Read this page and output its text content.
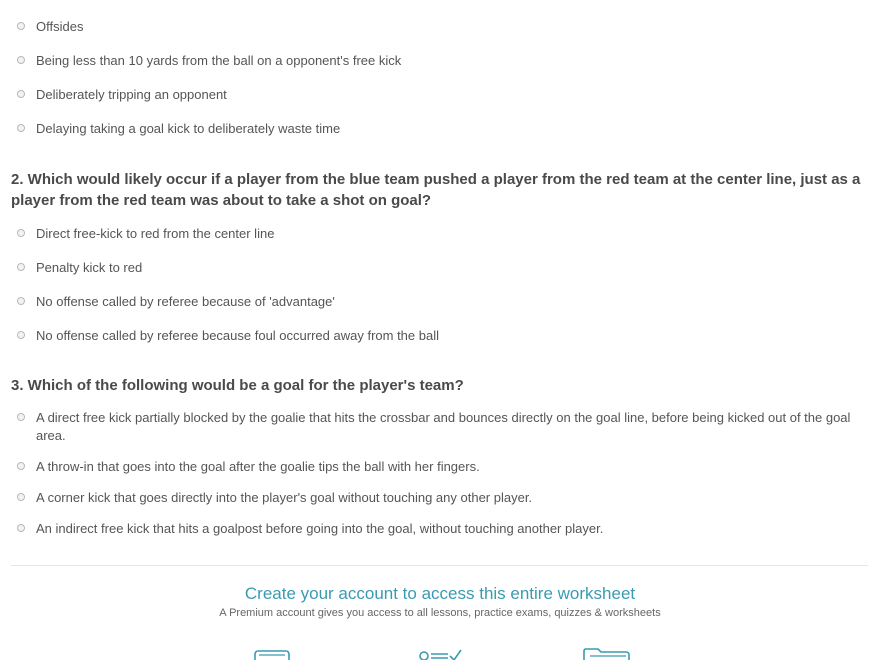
Offsides
Being less than 10 yards from the ball on a opponent's free kick
Deliberately tripping an opponent
Delaying taking a goal kick to deliberately waste time
2. Which would likely occur if a player from the blue team pushed a player from the red team at the center line, just as a player from the red team was about to take a shot on goal?
Direct free-kick to red from the center line
Penalty kick to red
No offense called by referee because of 'advantage'
No offense called by referee because foul occurred away from the ball
3. Which of the following would be a goal for the player's team?
A direct free kick partially blocked by the goalie that hits the crossbar and bounces directly on the goal line, before being kicked out of the goal area.
A throw-in that goes into the goal after the goalie tips the ball with her fingers.
A corner kick that goes directly into the player's goal without touching any other player.
An indirect free kick that hits a goalpost before going into the goal, without touching another player.
Create your account to access this entire worksheet
A Premium account gives you access to all lessons, practice exams, quizzes & worksheets
